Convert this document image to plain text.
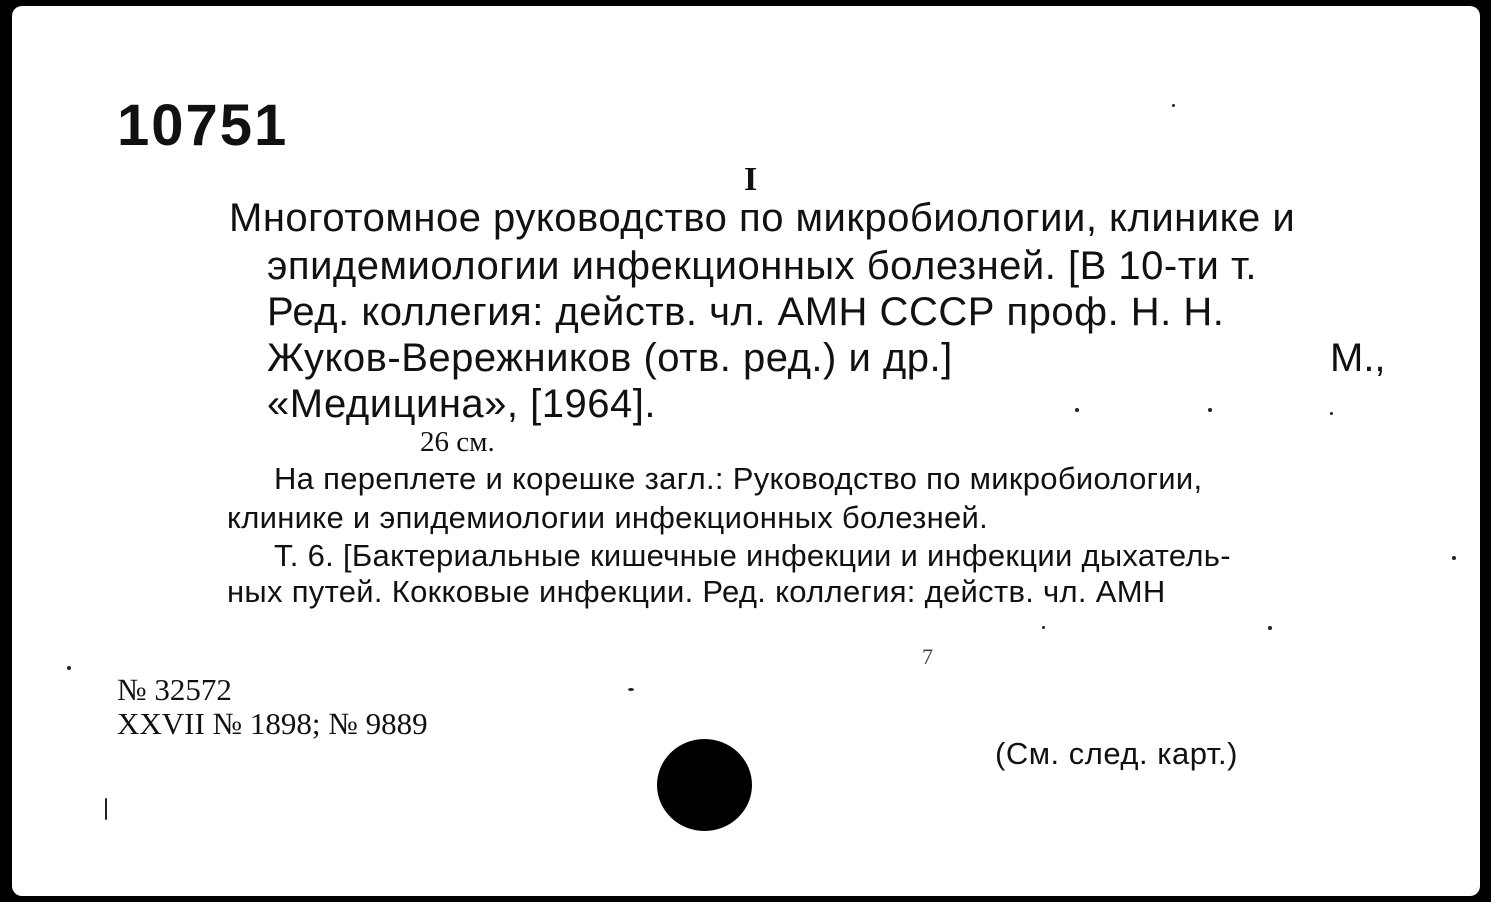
10751
I
Многотомное руководство по микробиологии, клинике и
эпидемиологии инфекционных болезней. [В 10-ти т.
Ред. коллегия: действ. чл. АМН СССР проф. Н. Н.
Жуков-Вережников (отв. ред.) и др.]	М.,
«Медицина», [1964].
26 см.
На переплете и корешке загл.: Руководство по микробиологии,
клинике и эпидемиологии инфекционных болезней.
Т. 6. [Бактериальные кишечные инфекции и инфекции дыхатель-
ных путей. Кокковые инфекции. Ред. коллегия: действ. чл. АМН
7
№ 32572
XXVII № 1898; № 9889
(См. след. карт.)
